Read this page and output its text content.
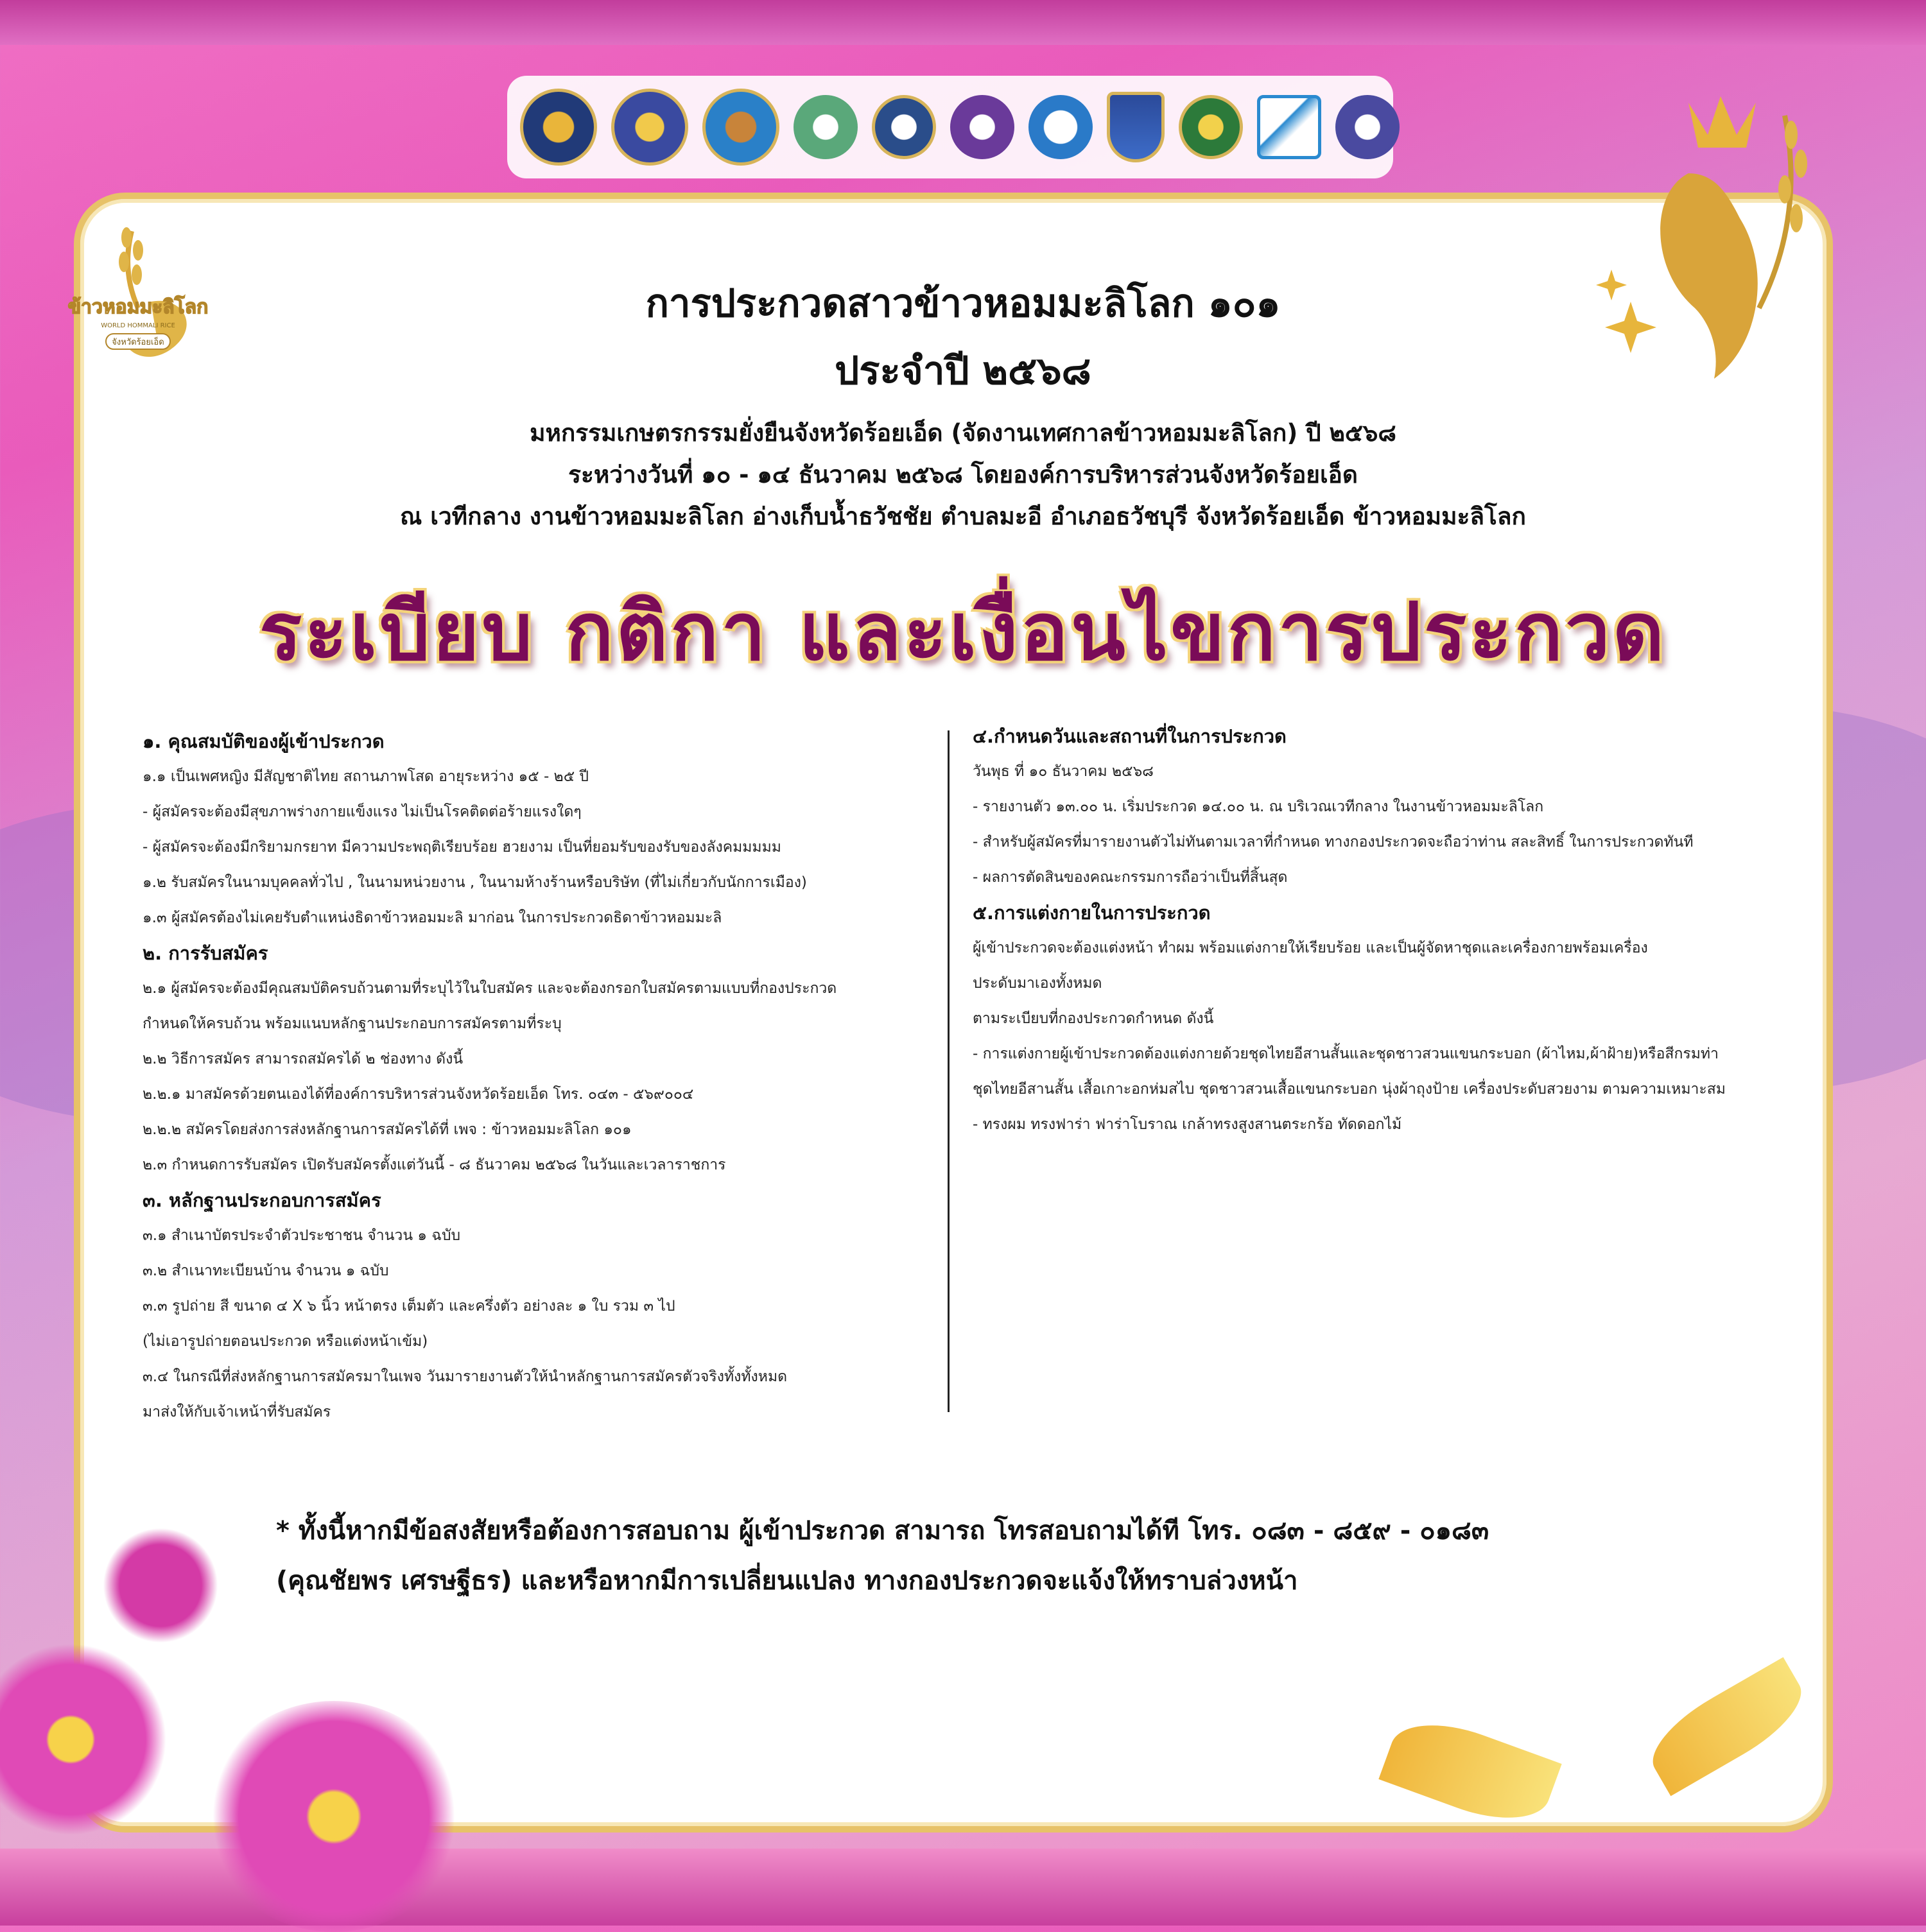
ข้าวหอมมะลิโลก
WORLD HOMMALI RICE
จังหวัดร้อยเอ็ด
การประกวดสาวข้าวหอมมะลิโลก ๑๐๑
ประจำปี ๒๕๖๘
มหกรรมเกษตรกรรมยั่งยืนจังหวัดร้อยเอ็ด (จัดงานเทศกาลข้าวหอมมะลิโลก) ปี ๒๕๖๘
ระหว่างวันที่ ๑๐ - ๑๔ ธันวาคม ๒๕๖๘ โดยองค์การบริหารส่วนจังหวัดร้อยเอ็ด
ณ เวทีกลาง งานข้าวหอมมะลิโลก อ่างเก็บน้ำธวัชชัย ตำบลมะอี อำเภอธวัชบุรี จังหวัดร้อยเอ็ด ข้าวหอมมะลิโลก
ระเบียบ กติกา และเงื่อนไขการประกวด
๑. คุณสมบัติของผู้เข้าประกวด
๑.๑ เป็นเพศหญิง มีสัญชาติไทย สถานภาพโสด อายุระหว่าง ๑๕ - ๒๕ ปี
- ผู้สมัครจะต้องมีสุขภาพร่างกายแข็งแรง ไม่เป็นโรคติดต่อร้ายแรงใดๆ
- ผู้สมัครจะต้องมีกริยามกรยาท มีความประพฤติเรียบร้อย ฮวยงาม เป็นที่ยอมรับของรับของลังคมมมมม
๑.๒ รับสมัครในนามบุคคลทั่วไป , ในนามหน่วยงาน , ในนามห้างร้านหรือบริษัท (ที่ไม่เกี่ยวกับนักการเมือง)
๑.๓ ผู้สมัครต้องไม่เคยรับตำแหน่งธิดาข้าวหอมมะลิ มาก่อน ในการประกวดธิดาข้าวหอมมะลิ
๒. การรับสมัคร
๒.๑ ผู้สมัครจะต้องมีคุณสมบัติครบถ้วนตามที่ระบุไว้ในใบสมัคร และจะต้องกรอกใบสมัครตามแบบที่กองประกวด
กำหนดให้ครบถ้วน พร้อมแนบหลักฐานประกอบการสมัครตามที่ระบุ
๒.๒ วิธีการสมัคร สามารถสมัครได้ ๒ ช่องทาง ดังนี้
๒.๒.๑ มาสมัครด้วยตนเองได้ที่องค์การบริหารส่วนจังหวัดร้อยเอ็ด โทร. ๐๔๓ - ๕๖๙๐๐๔
๒.๒.๒ สมัครโดยส่งการส่งหลักฐานการสมัครได้ที่ เพจ : ข้าวหอมมะลิโลก ๑๐๑
๒.๓ กำหนดการรับสมัคร เปิดรับสมัครตั้งแต่วันนี้ - ๘ ธันวาคม ๒๕๖๘ ในวันและเวลาราชการ
๓. หลักฐานประกอบการสมัคร
๓.๑ สำเนาบัตรประจำตัวประชาชน จำนวน ๑ ฉบับ
๓.๒ สำเนาทะเบียนบ้าน จำนวน ๑ ฉบับ
๓.๓ รูปถ่าย สี ขนาด ๔ X ๖ นิ้ว หน้าตรง เต็มตัว และครึ่งตัว อย่างละ ๑ ใบ รวม ๓ ไป
(ไม่เอารูปถ่ายตอนประกวด หรือแต่งหน้าเข้ม)
๓.๔ ในกรณีที่ส่งหลักฐานการสมัครมาในเพจ วันมารายงานตัวให้นำหลักฐานการสมัครตัวจริงทั้งทั้งหมด
มาส่งให้กับเจ้าเหน้าที่รับสมัคร
๔.กำหนดวันและสถานที่ในการประกวด
วันพุธ ที่ ๑๐ ธันวาคม ๒๕๖๘
- รายงานตัว ๑๓.๐๐ น. เริ่มประกวด ๑๔.๐๐ น. ณ บริเวณเวทีกลาง ในงานข้าวหอมมะลิโลก
- สำหรับผู้สมัครที่มารายงานตัวไม่ทันตามเวลาที่กำหนด ทางกองประกวดจะถือว่าท่าน สละสิทธิ์ ในการประกวดทันที
- ผลการตัดสินของคณะกรรมการถือว่าเป็นที่สิ้นสุด
๕.การแต่งกายในการประกวด
ผู้เข้าประกวดจะต้องแต่งหน้า ทำผม พร้อมแต่งกายให้เรียบร้อย และเป็นผู้จัดหาชุดและเครื่องกายพร้อมเครื่อง
ประดับมาเองทั้งหมด
ตามระเบียบที่กองประกวดกำหนด ดังนี้
- การแต่งกายผู้เข้าประกวดต้องแต่งกายด้วยชุดไทยอีสานสั้นและชุดชาวสวนแขนกระบอก (ผ้าไหม,ผ้าฝ้าย)หรือสีกรมท่า
ชุดไทยอีสานสั้น เสื้อเกาะอกห่มสไบ ชุดชาวสวนเสื้อแขนกระบอก นุ่งผ้าถุงป้าย เครื่องประดับสวยงาม ตามความเหมาะสม
- ทรงผม ทรงฟาร่า ฟาร่าโบราณ เกล้าทรงสูงสานตระกร้อ ทัดดอกไม้
* ทั้งนี้หากมีข้อสงสัยหรือต้องการสอบถาม ผู้เข้าประกวด สามารถ โทรสอบถามได้ที โทร. ๐๘๓ - ๘๕๙ - ๐๑๘๓
(คุณชัยพร เศรษฐีธร) และหรือหากมีการเปลี่ยนแปลง ทางกองประกวดจะแจ้งให้ทราบล่วงหน้า
